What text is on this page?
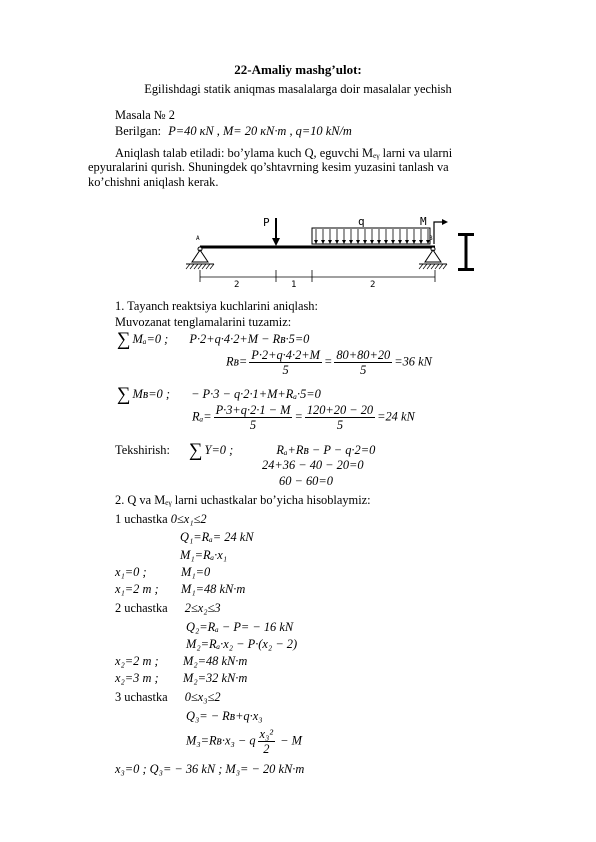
22-Amaliy mashg’ulot:
Egilishdagi statik aniqmas masalalarga doir masalalar yechish
Masala № 2
Berilgan: P=40 кN , M= 20 кN·m , q=10 kN/m
Aniqlash talab etiladi: bo’ylama kuch Q, eguvchi Mₑᵧ larni va ularni
epyuralarini qurish. Shuningdek qo’shtavrning kesim yuzasini tanlash va
ko’chishni aniqlash kerak.
P	q	M
A	B
2	1	2
1. Tayanch reaktsiya kuchlarini aniqlash:
Muvozanat tenglamalarini tuzamiz:
∑ Mₐ=0 ; P·2+q·4·2+M − Rʙ·5=0
Rʙ= $\frac{P\cdot 2+q\cdot 4\cdot 2+M}{5} = \frac{80+80+20}{5} =36$ kN
∑ Mʙ=0 ; − P·3 − q·2·1+M+Rₐ·5=0
$R_a= \frac{P\cdot 3+q\cdot 2\cdot 1 - M}{5} = \frac{120+20 - 20}{5} =24$ kN
Tekshirish: ∑ Y=0 ;	Rₐ+Rʙ − P − q·2=0
24+36 − 40 − 20=0
60 − 60=0
2. Q va Mₑᵧ larni uchastkalar bo’yicha hisoblaymiz:
1 uchastka 0≤x₁≤2
Q₁=Rₐ= 24 kN
M₁=Rₐ·x₁
x₁=0 ;	M₁=0
x₁=2 m ; M₁=48 kN·m
2 uchastka 2≤x₂≤3
Q₂=Rₐ − P= − 16 kN
M₂=Rₐ·x₂ − P·(x₂ − 2)
x₂=2 m ; M₂=48 kN·m
x₂=3 m ; M₂=32 kN·m
3 uchastka 0≤x₃≤2
Q₃= − Rʙ+q·x₃
M₃=Rʙ·x₃ − q $\frac{\text{x₃²}}{2} - M$
x₃=0 ; Q₃= − 36 kN ; M₃= − 20 kN·m
